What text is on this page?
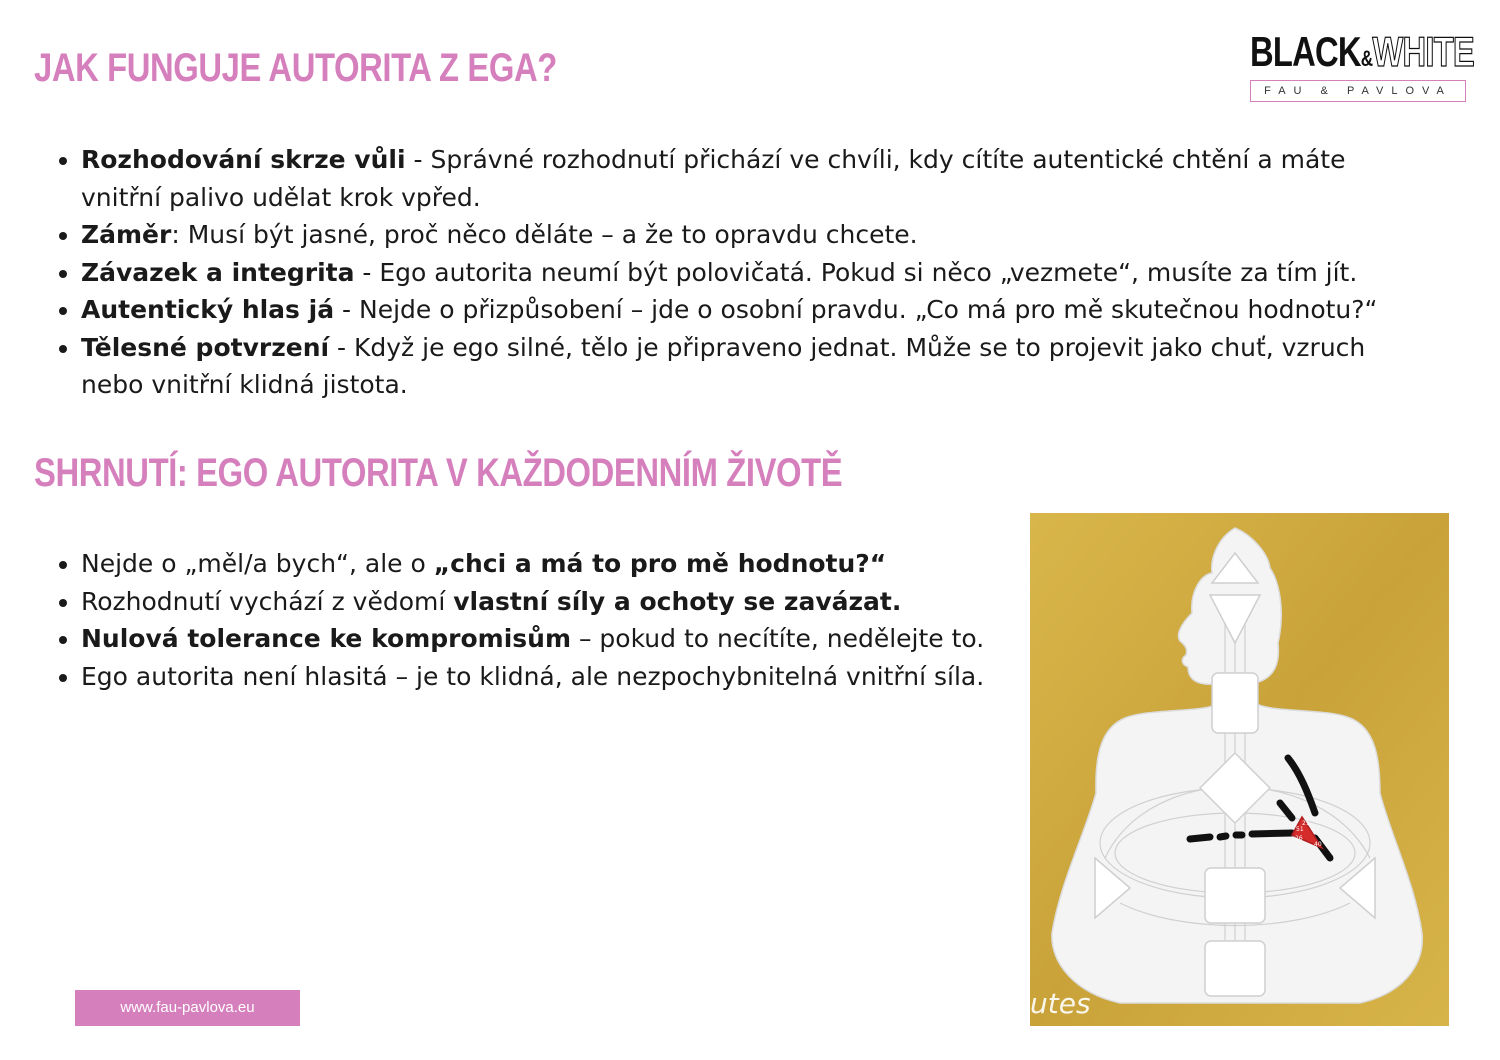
JAK FUNGUJE AUTORITA Z EGA?	BLACK&WHITE
FAU & PAVLOVA
• Rozhodování skrze vůli - Správné rozhodnutí přichází ve chvíli, kdy cítíte autentické chtění a máte vnitřní palivo udělat krok vpřed.
• Záměr: Musí být jasné, proč něco děláte – a že to opravdu chcete.
• Závazek a integrita - Ego autorita neumí být polovičatá. Pokud si něco „vezmete“, musíte za tím jít.
• Autentický hlas já - Nejde o přizpůsobení – jde o osobní pravdu. „Co má pro mě skutečnou hodnotu?“
• Tělesné potvrzení - Když je ego silné, tělo je připraveno jednat. Může se to projevit jako chuť, vzruch nebo vnitřní klidná jistota.
SHRNUTÍ: EGO AUTORITA V KAŽDODENNÍM ŽIVOTĚ
• Nejde o „měl/a bych“, ale o „chci a má to pro mě hodnotu?“
• Rozhodnutí vychází z vědomí vlastní síly a ochoty se zavázat.
• Nulová tolerance ke kompromisům – pokud to necítíte, nedělejte to.
• Ego autorita není hlasitá – je to klidná, ale nezpochybnitelná vnitřní síla.
21
51
26
40
utes
www.fau-pavlova.eu
